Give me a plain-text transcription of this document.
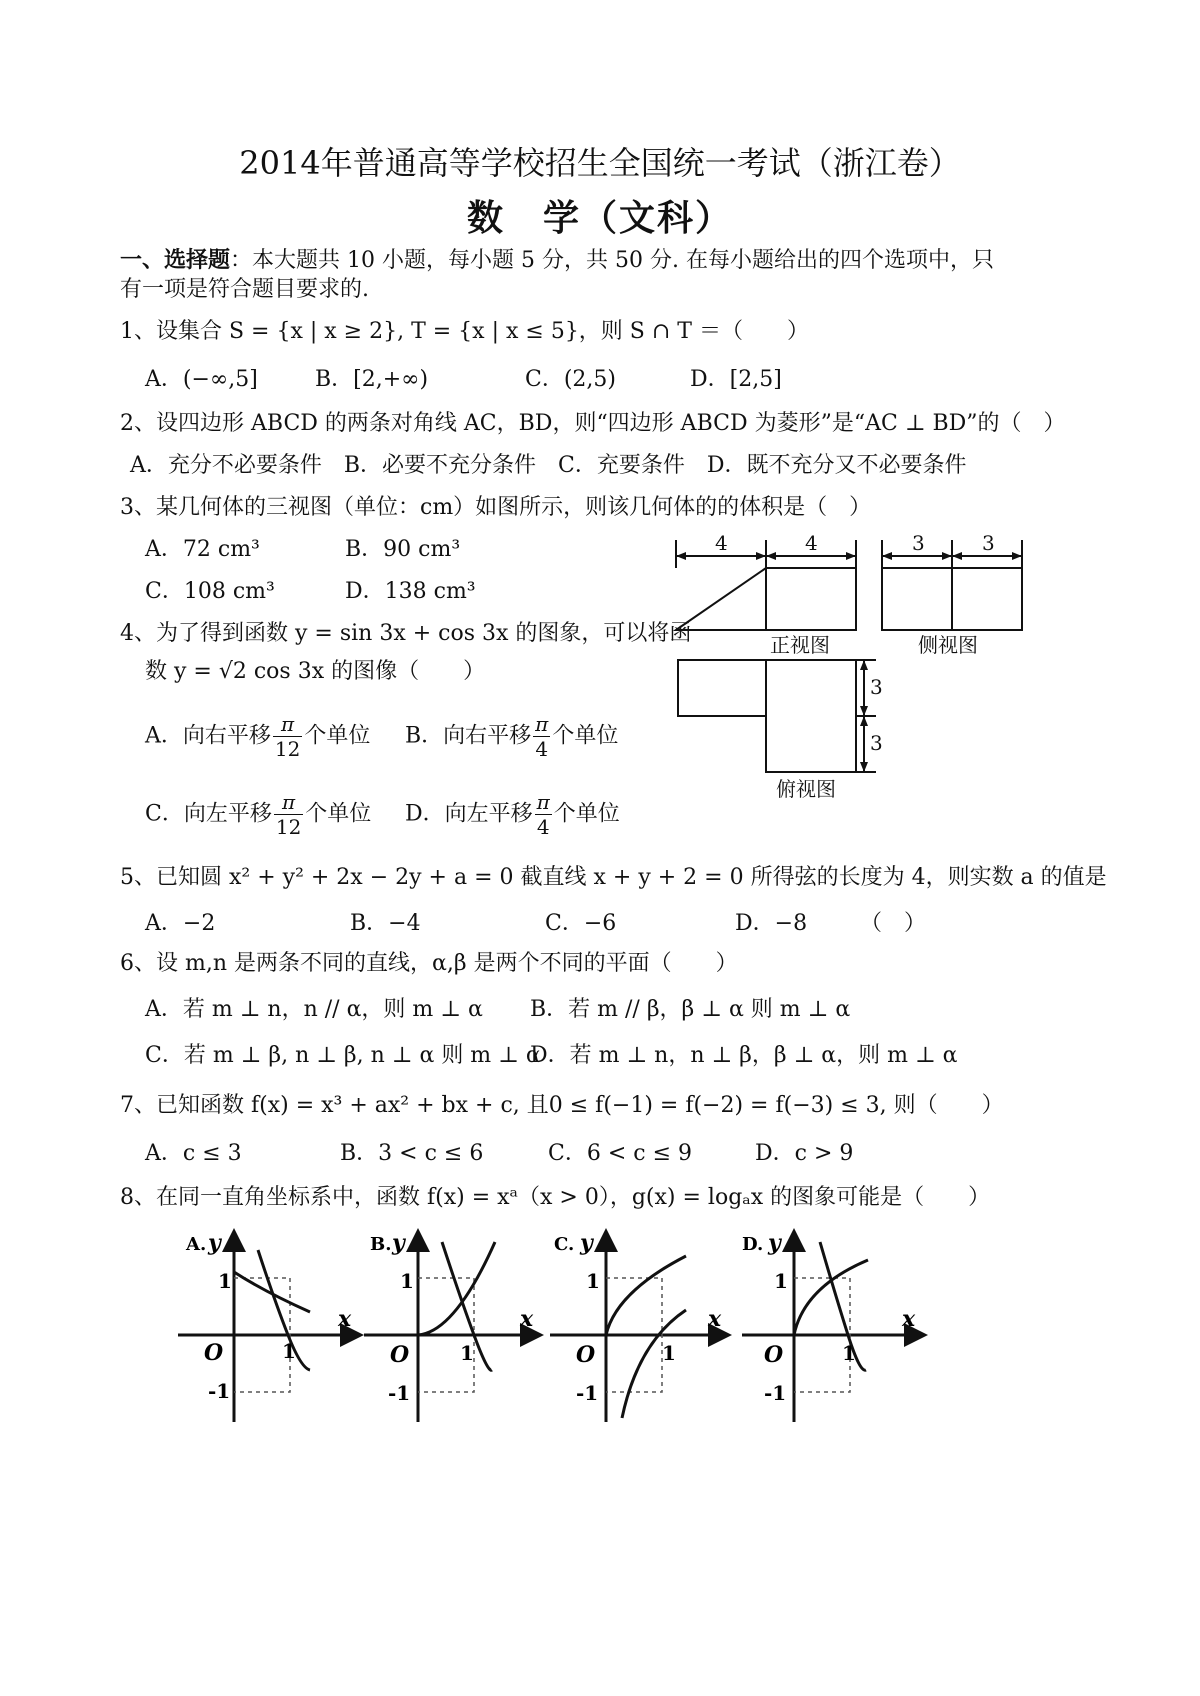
2014年普通高等学校招生全国统一考试（浙江卷）
数　学（文科）
一、选择题：本大题共 10 小题，每小题 5 分，共 50 分. 在每小题给出的四个选项中，只
有一项是符合题目要求的.
1、设集合 S = {x | x ≥ 2}, T = {x | x ≤ 5}，则 S ∩ T ＝（　　）
A．(−∞,5]	B．[2,+∞)	C．(2,5)	D．[2,5]
2、设四边形 ABCD 的两条对角线 AC，BD，则“四边形 ABCD 为菱形”是“AC ⊥ BD”的（　）
A．充分不必要条件　B．必要不充分条件　C．充要条件　D．既不充分又不必要条件
3、某几何体的三视图（单位：cm）如图所示，则该几何体的的体积是（　）
A．72 cm³	B．90 cm³
C．108 cm³	D．138 cm³
4	4	3	3
3
3
正视图	侧视图
俯视图
4、为了得到函数 y = sin 3x + cos 3x 的图象，可以将函
数 y = √2 cos 3x 的图像（　　）
A．向右平移 $\frac{\pi}{12}$ 个单位 B．向右平移 $\frac{\pi}{4}$ 个单位
C．向左平移 $\frac{\pi}{12}$ 个单位 D．向左平移 $\frac{\pi}{4}$ 个单位
5、已知圆 x² + y² + 2x − 2y + a = 0 截直线 x + y + 2 = 0 所得弦的长度为 4，则实数 a 的值是
A．−2	B．−4	C．−6	D．−8 （　）
6、设 m,n 是两条不同的直线，α,β 是两个不同的平面（　　）
A．若 m ⊥ n，n // α，则 m ⊥ α B．若 m // β，β ⊥ α 则 m ⊥ α
C．若 m ⊥ β, n ⊥ β, n ⊥ α 则 m ⊥ α
D．若 m ⊥ n，n ⊥ β，β ⊥ α，则 m ⊥ α
7、已知函数 f(x) = x³ + ax² + bx + c, 且0 ≤ f(−1) = f(−2) = f(−3) ≤ 3, 则（　　）
A．c ≤ 3	B．3 < c ≤ 6	C．6 < c ≤ 9	D．c > 9
8、在同一直角坐标系中，函数 f(x) = xᵃ（x > 0），g(x) = logₐx 的图象可能是（　　）
A. y
x
O
1
1
-1
B. y
x
O
1
1
-1
C. y
x
O
1
1
-1
D. y
x
O
1
1
-1
